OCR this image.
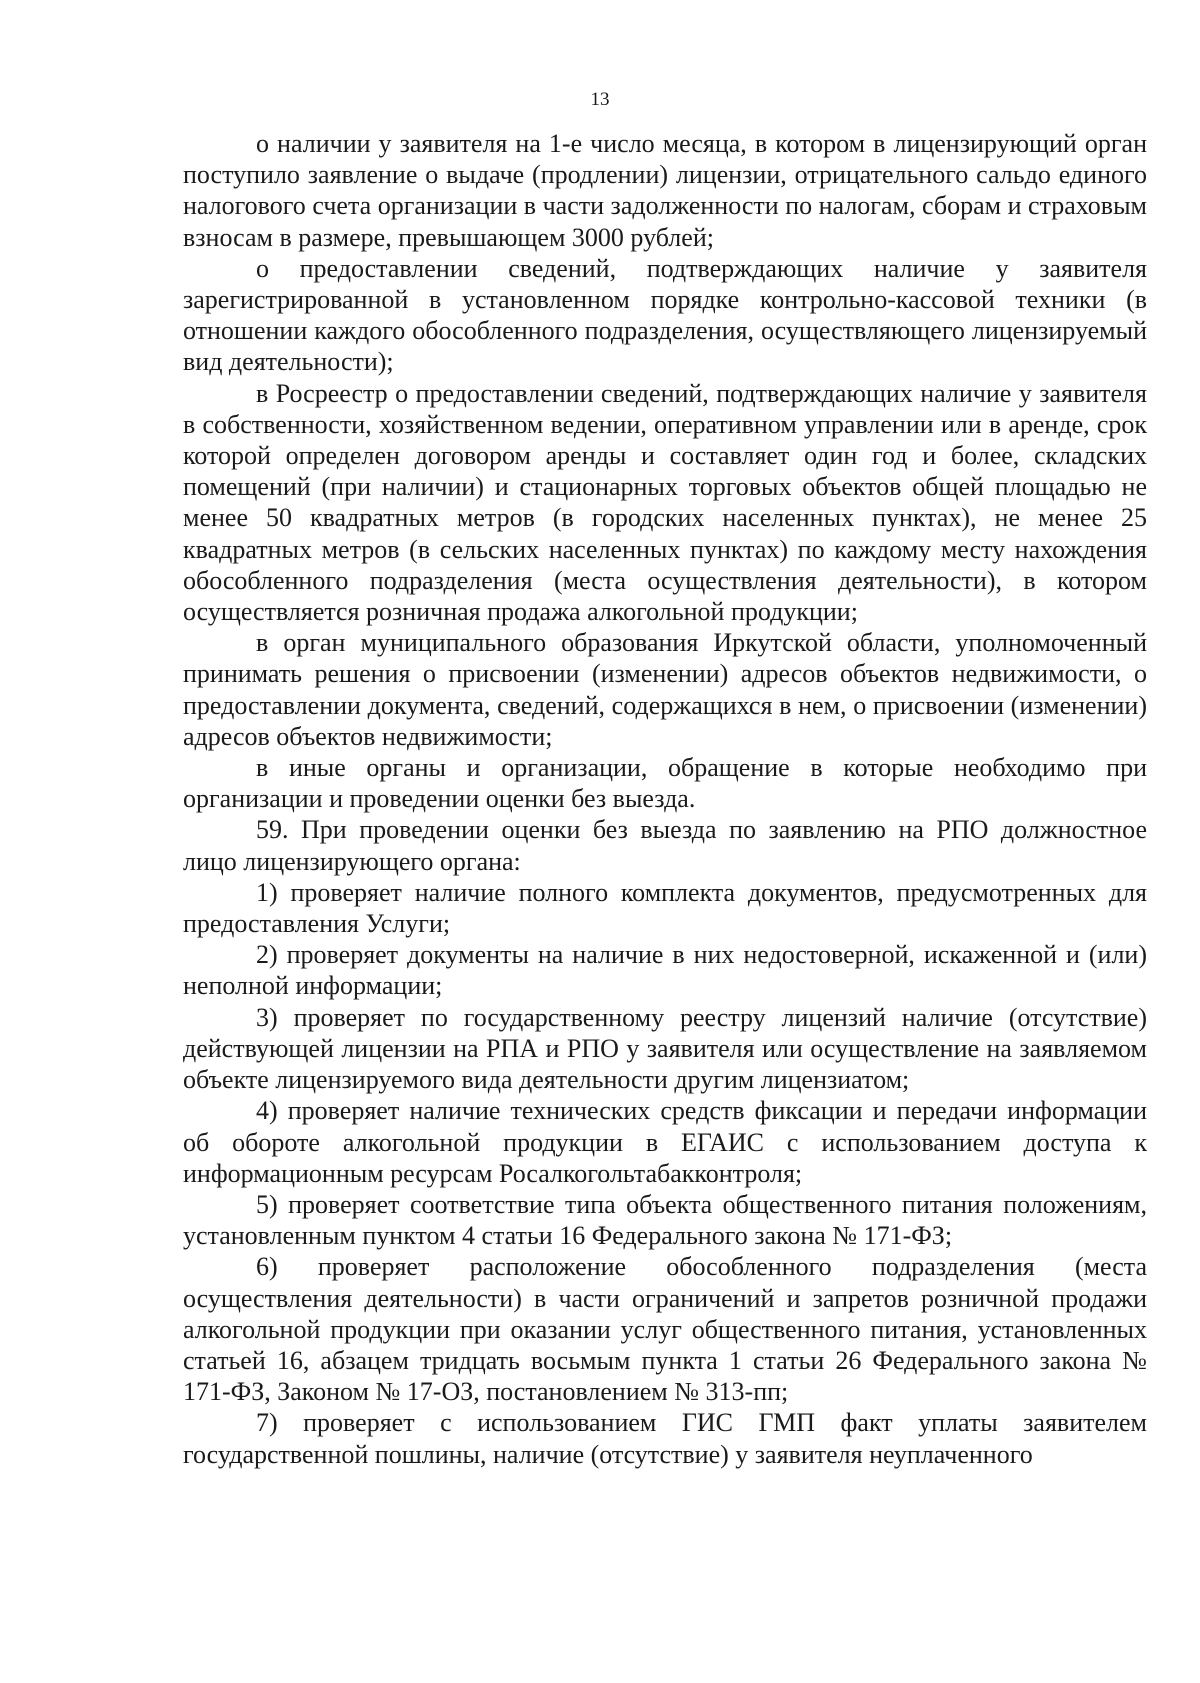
13

о наличии у заявителя на 1-е число месяца, в котором в лицензирующий орган поступило заявление о выдаче (продлении) лицензии, отрицательного сальдо единого налогового счета организации в части задолженности по налогам, сборам и страховым взносам в размере, превышающем 3000 рублей;

о предоставлении сведений, подтверждающих наличие у заявителя зарегистрированной в установленном порядке контрольно-кассовой техники (в отношении каждого обособленного подразделения, осуществляющего лицензируемый вид деятельности);

в Росреестр о предоставлении сведений, подтверждающих наличие у заявителя в собственности, хозяйственном ведении, оперативном управлении или в аренде, срок которой определен договором аренды и составляет один год и более, складских помещений (при наличии) и стационарных торговых объектов общей площадью не менее 50 квадратных метров (в городских населенных пунктах), не менее 25 квадратных метров (в сельских населенных пунктах) по каждому месту нахождения обособленного подразделения (места осуществления деятельности), в котором осуществляется розничная продажа алкогольной продукции;

в орган муниципального образования Иркутской области, уполномоченный принимать решения о присвоении (изменении) адресов объектов недвижимости, о предоставлении документа, сведений, содержащихся в нем, о присвоении (изменении) адресов объектов недвижимости;

в иные органы и организации, обращение в которые необходимо при организации и проведении оценки без выезда.

59. При проведении оценки без выезда по заявлению на РПО должностное лицо лицензирующего органа:

1) проверяет наличие полного комплекта документов, предусмотренных для предоставления Услуги;

2) проверяет документы на наличие в них недостоверной, искаженной и (или) неполной информации;

3) проверяет по государственному реестру лицензий наличие (отсутствие) действующей лицензии на РПА и РПО у заявителя или осуществление на заявляемом объекте лицензируемого вида деятельности другим лицензиатом;

4) проверяет наличие технических средств фиксации и передачи информации об обороте алкогольной продукции в ЕГАИС с использованием доступа к информационным ресурсам Росалкогольтабакконтроля;

5) проверяет соответствие типа объекта общественного питания положениям, установленным пунктом 4 статьи 16 Федерального закона № 171-ФЗ;

6) проверяет расположение обособленного подразделения (места осуществления деятельности) в части ограничений и запретов розничной продажи алкогольной продукции при оказании услуг общественного питания, установленных статьей 16, абзацем тридцать восьмым пункта 1 статьи 26 Федерального закона № 171-ФЗ, Законом № 17-ОЗ, постановлением № 313-пп;

7) проверяет с использованием ГИС ГМП факт уплаты заявителем государственной пошлины, наличие (отсутствие) у заявителя неуплаченного
